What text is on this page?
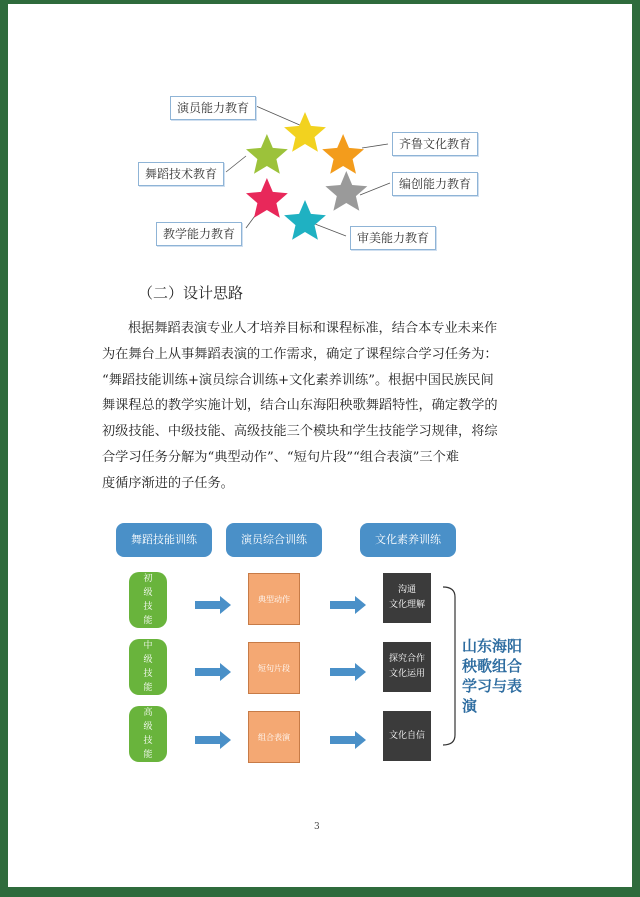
演员能力教育
齐鲁文化教育
编创能力教育
审美能力教育
教学能力教育
舞蹈技术教育
（二）设计思路

根据舞蹈表演专业人才培养目标和课程标准，结合本专业未来作

为在舞台上从事舞蹈表演的工作需求，确定了课程综合学习任务为：

“舞蹈技能训练+演员综合训练+文化素养训练”。根据中国民族民间

舞课程总的教学实施计划，结合山东海阳秧歌舞蹈特性，确定教学的

初级技能、中级技能、高级技能三个模块和学生技能学习规律，将综

合学习任务分解为“典型动作”、“短句片段”“组合表演”三个难

度循序渐进的子任务。

舞蹈技能训练	演员综合训练	文化素养训练
初
级
技
能
典型动作
沟通
文化理解
中
级
技
能
短句片段
探究合作
文化运用
高
级
技
能
组合表演	文化自信
山东海阳秧歌组合学习与表演
3
